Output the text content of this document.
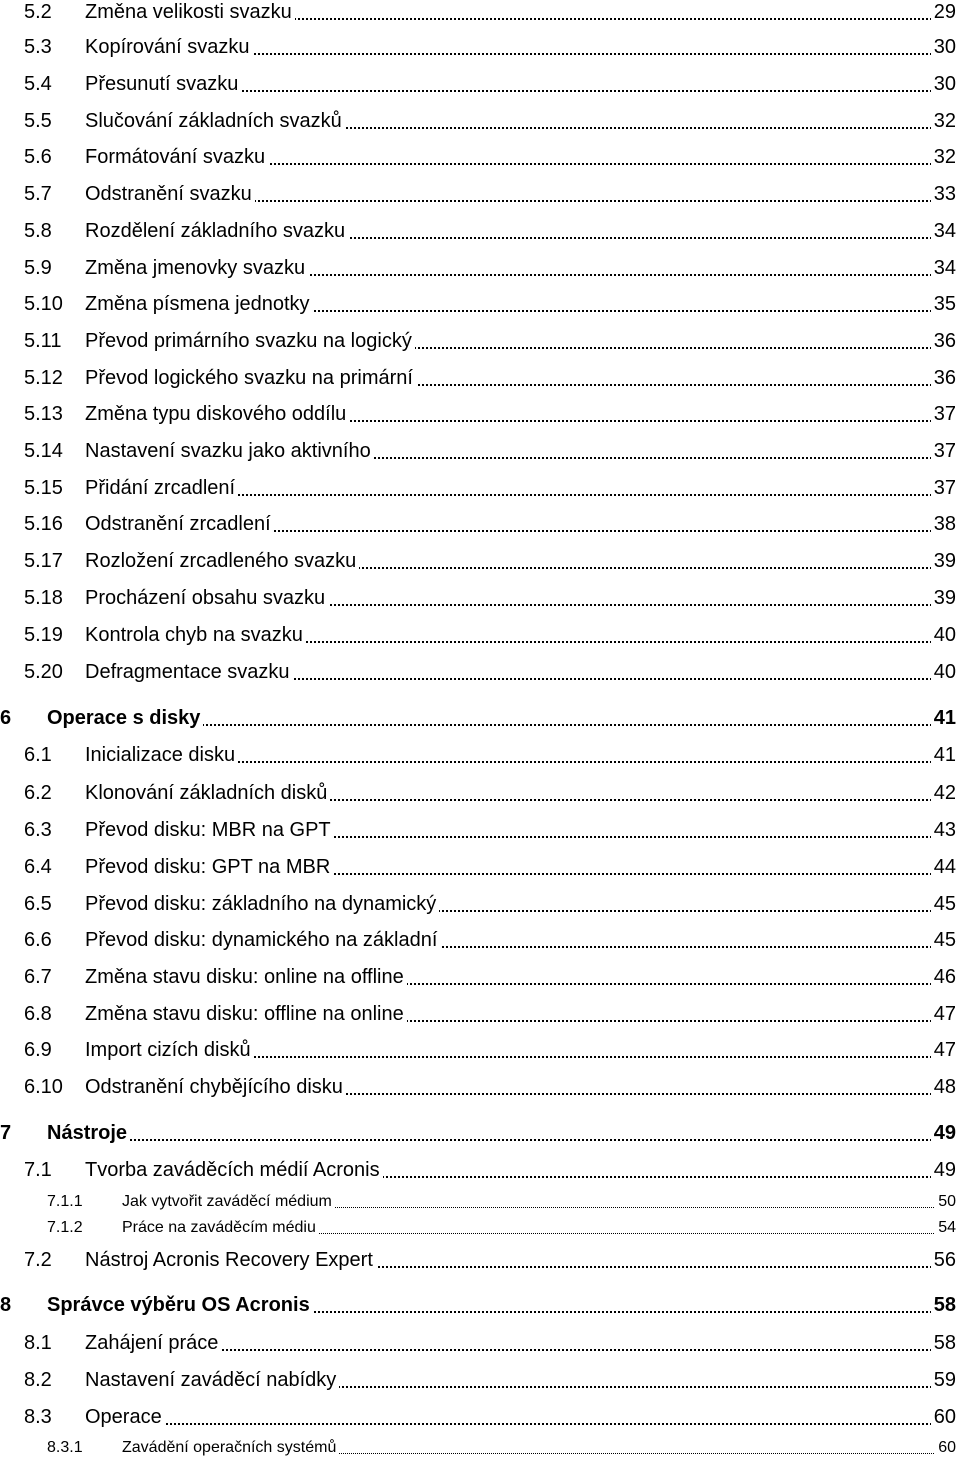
5.2 Změna velikosti svazku	29
5.3 Kopírování svazku	30
5.4 Přesunutí svazku	30
5.5 Slučování základních svazků	32
5.6 Formátování svazku	32
5.7 Odstranění svazku	33
5.8 Rozdělení základního svazku	34
5.9 Změna jmenovky svazku	34
5.10 Změna písmena jednotky	35
5.11 Převod primárního svazku na logický	36
5.12 Převod logického svazku na primární	36
5.13 Změna typu diskového oddílu	37
5.14 Nastavení svazku jako aktivního	37
5.15 Přidání zrcadlení	37
5.16 Odstranění zrcadlení	38
5.17 Rozložení zrcadleného svazku	39
5.18 Procházení obsahu svazku	39
5.19 Kontrola chyb na svazku	40
5.20 Defragmentace svazku	40
6 Operace s disky	41
6.1 Inicializace disku	41
6.2 Klonování základních disků	42
6.3 Převod disku: MBR na GPT	43
6.4 Převod disku: GPT na MBR	44
6.5 Převod disku: základního na dynamický	45
6.6 Převod disku: dynamického na základní	45
6.7 Změna stavu disku: online na offline	46
6.8 Změna stavu disku: offline na online	47
6.9 Import cizích disků	47
6.10 Odstranění chybějícího disku	48
7 Nástroje	49
7.1 Tvorba zaváděcích médií Acronis	49
7.1.1 Jak vytvořit zaváděcí médium	50
7.1.2 Práce na zaváděcím médiu	54
7.2 Nástroj Acronis Recovery Expert	56
8 Správce výběru OS Acronis	58
8.1 Zahájení práce	58
8.2 Nastavení zaváděcí nabídky	59
8.3 Operace	60
8.3.1 Zavádění operačních systémů	60
